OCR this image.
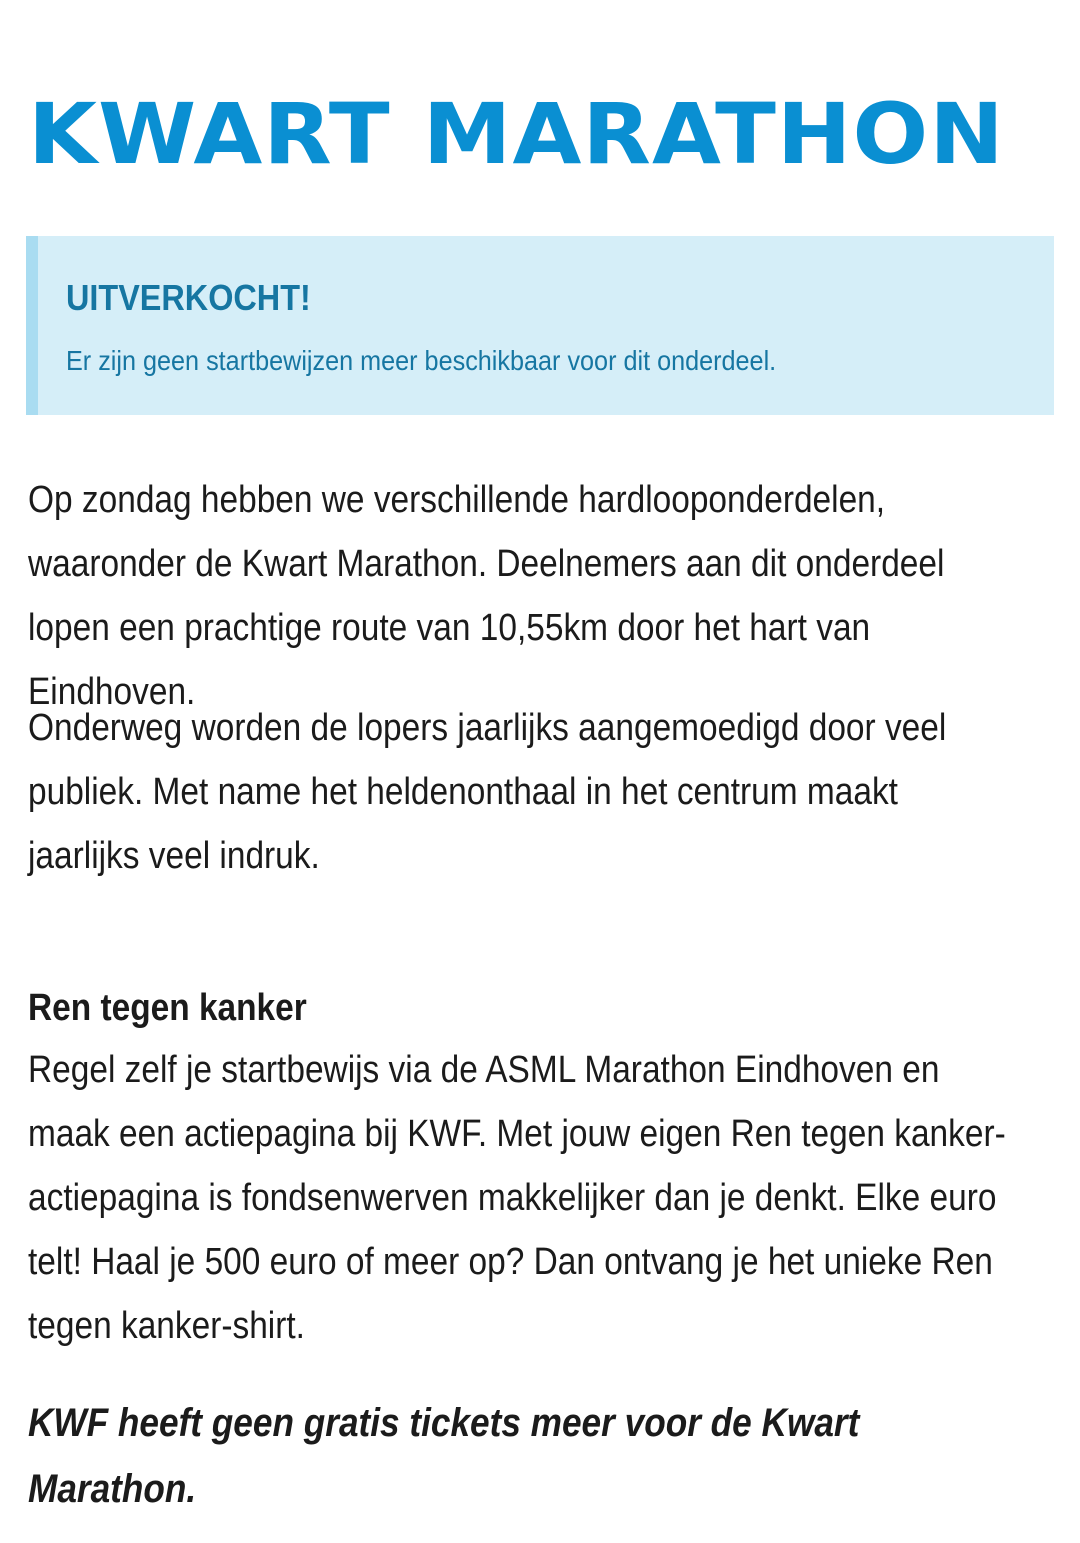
KWART MARATHON
UITVERKOCHT!

Er zijn geen startbewijzen meer beschikbaar voor dit onderdeel.

Op zondag hebben we verschillende hardlooponderdelen, waaronder de Kwart Marathon. Deelnemers aan dit onderdeel lopen een prachtige route van 10,55km door het hart van Eindhoven.

Onderweg worden de lopers jaarlijks aangemoedigd door veel publiek. Met name het heldenonthaal in het centrum maakt jaarlijks veel indruk.

Ren tegen kanker

Regel zelf je startbewijs via de ASML Marathon Eindhoven en maak een actiepagina bij KWF. Met jouw eigen Ren tegen kanker-actiepagina is fondsenwerven makkelijker dan je denkt. Elke euro telt! Haal je 500 euro of meer op? Dan ontvang je het unieke Ren tegen kanker-shirt.

KWF heeft geen gratis tickets meer voor de Kwart Marathon.
